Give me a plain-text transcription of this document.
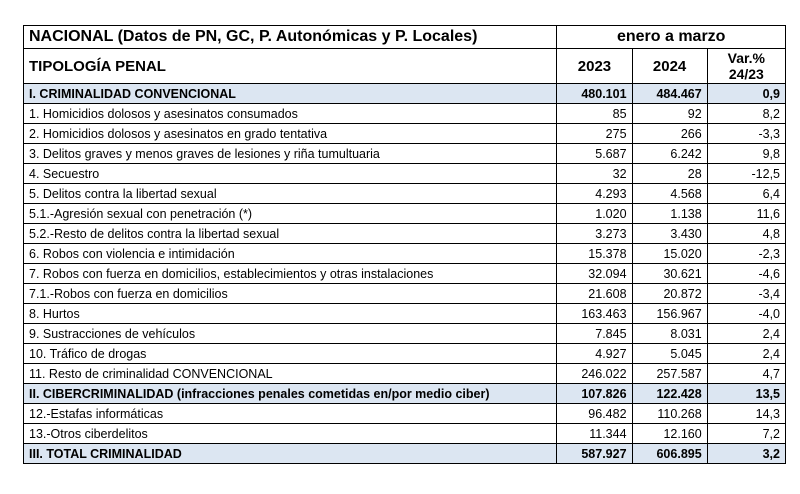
NACIONAL (Datos de PN, GC, P. Autonómicas y P. Locales)	enero a marzo		
TIPOLOGÍA PENAL	2023	2024	Var.%
24/23

I. CRIMINALIDAD CONVENCIONAL	480.101	484.467	0,9
1. Homicidios dolosos y asesinatos consumados	85	92	8,2
2. Homicidios dolosos y asesinatos en grado tentativa	275	266	-3,3
3. Delitos graves y menos graves de lesiones y riña tumultuaria	5.687	6.242	9,8
4. Secuestro	32	28	-12,5
5. Delitos contra la libertad sexual	4.293	4.568	6,4
5.1.-Agresión sexual con penetración (*)	1.020	1.138	11,6
5.2.-Resto de delitos contra la libertad sexual	3.273	3.430	4,8
6. Robos con violencia e intimidación	15.378	15.020	-2,3
7. Robos con fuerza en domicilios, establecimientos y otras instalaciones	32.094	30.621	-4,6
7.1.-Robos con fuerza en domicilios	21.608	20.872	-3,4
8. Hurtos	163.463	156.967	-4,0
9. Sustracciones de vehículos	7.845	8.031	2,4
10. Tráfico de drogas	4.927	5.045	2,4
11. Resto de criminalidad CONVENCIONAL	246.022	257.587	4,7
II. CIBERCRIMINALIDAD (infracciones penales cometidas en/por medio ciber)	107.826	122.428	13,5
12.-Estafas informáticas	96.482	110.268	14,3
13.-Otros ciberdelitos	11.344	12.160	7,2
III. TOTAL CRIMINALIDAD	587.927	606.895	3,2
